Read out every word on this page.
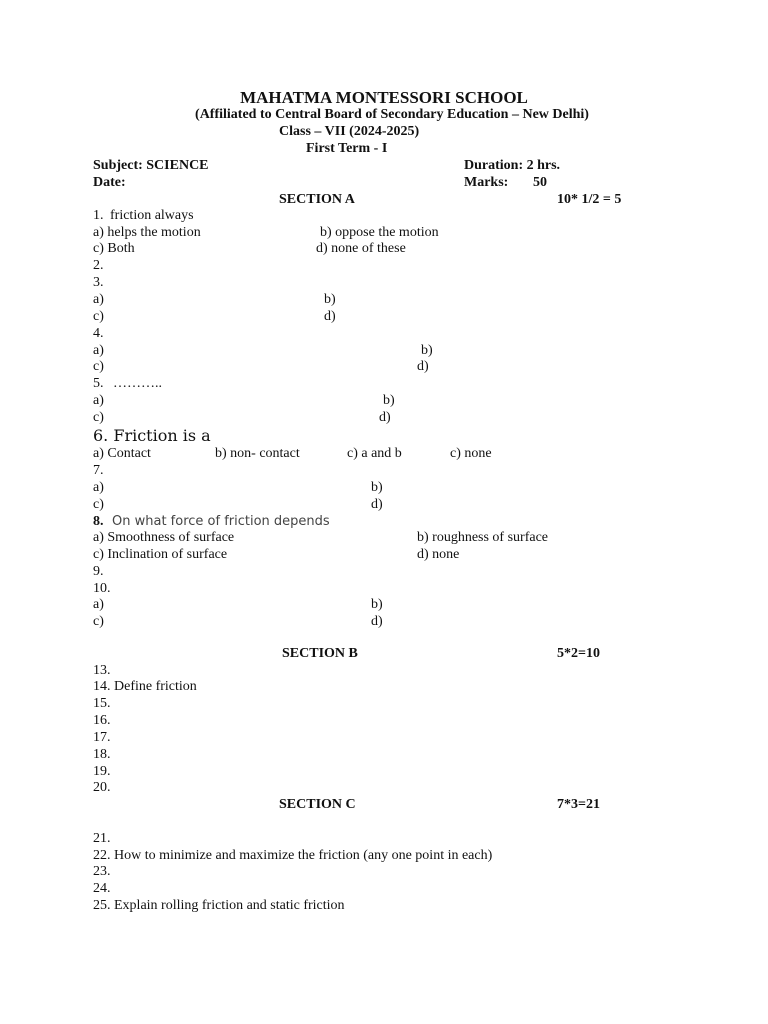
MAHATMA MONTESSORI SCHOOL
(Affiliated to Central Board of Secondary Education – New Delhi)
Class – VII (2024-2025)
First Term - I
Subject: SCIENCE	Duration: 2 hrs.
Date:	Marks: 50
SECTION A	10* 1/2 = 5
1. friction always
a) helps the motion	b) oppose the motion
c) Both	d) none of these
2.
3.
a)	b)
c)	d)
4.
a)	b)
c)	d)
5. ………..
a)	b)
c)	d)
6. Friction is a
a) Contact	b) non- contact	c) a and b	c) none
7.
a)	b)
c)	d)
8. On what force of friction depends
a) Smoothness of surface	b) roughness of surface
c) Inclination of surface	d) none
9.
10.
a)	b)
c)	d)
SECTION B	5*2=10
13.
14. Define friction
15.
16.
17.
18.
19.
20.
SECTION C	7*3=21
21.
22. How to minimize and maximize the friction (any one point in each)
23.
24.
25. Explain rolling friction and static friction
